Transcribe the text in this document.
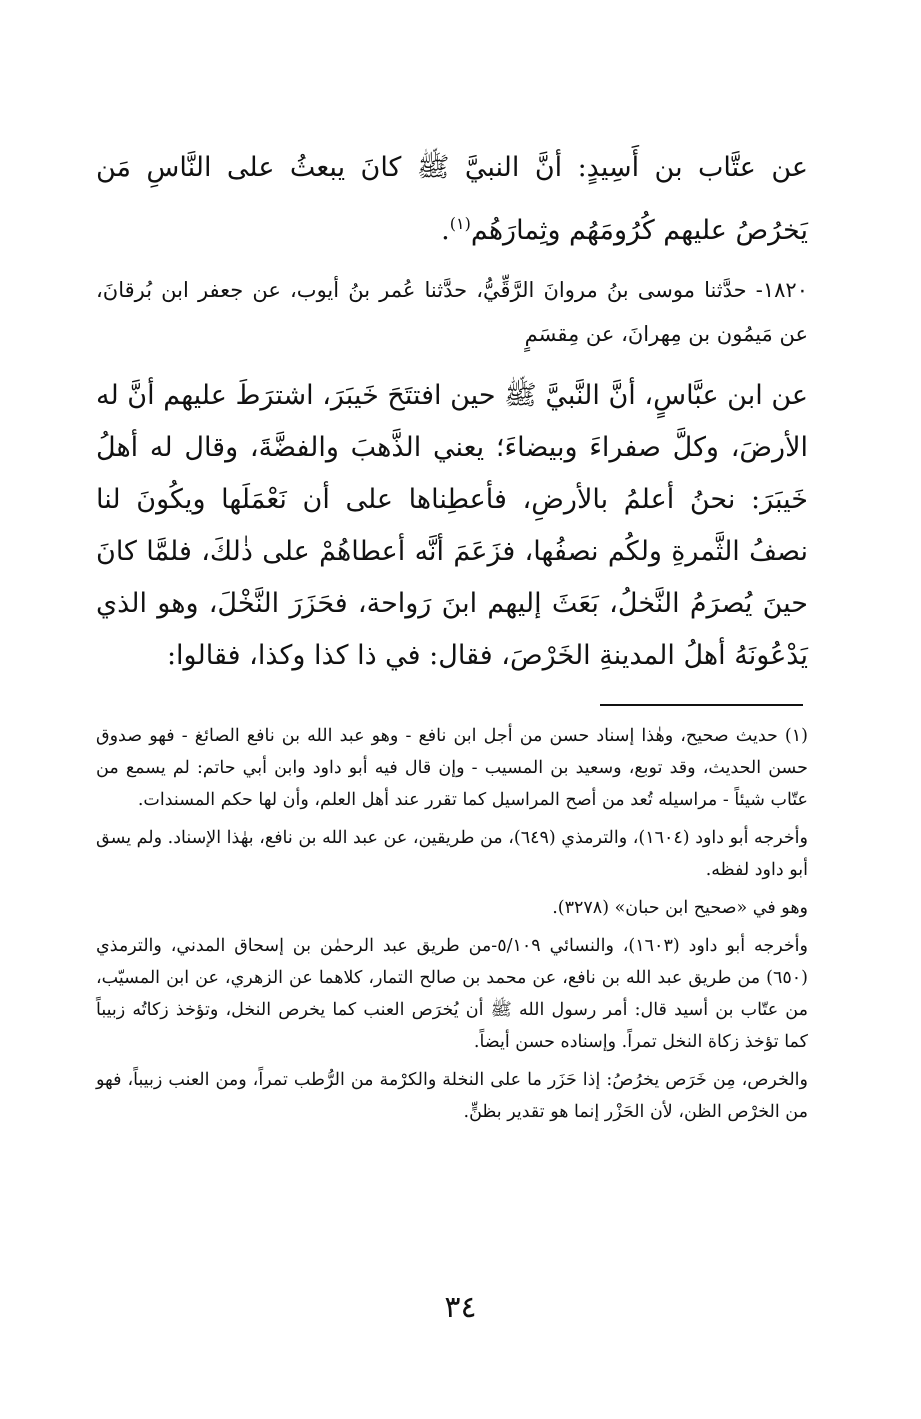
عن عتَّاب بن أَسِيدٍ: أنَّ النبيَّ ﷺ كانَ يبعثُ على النَّاسِ مَن يَخرُصُ عليهم كُرُومَهُم وثِمارَهُم$^{(١)}$.

١٨٢٠- حدَّثنا موسى بنُ مروانَ الرَّقِّيُّ، حدَّثنا عُمر بنُ أيوب، عن جعفر ابن بُرقانَ، عن مَيمُون بن مِهرانَ، عن مِقسَمٍ

عن ابن عبَّاسٍ، أنَّ النَّبيَّ ﷺ حين افتتَحَ خَيبَرَ، اشترَطَ عليهم أنَّ له الأرضَ، وكلَّ صفراءَ وبيضاءَ؛ يعني الذَّهبَ والفضَّةَ، وقال له أهلُ خَيبَرَ: نحنُ أعلمُ بالأرضِ، فأعطِناها على أن نَعْمَلَها ويكُونَ لنا نصفُ الثَّمرةِ ولكُم نصفُها، فزَعَمَ أنَّه أعطاهُمْ على ذٰلكَ، فلمَّا كانَ حينَ يُصرَمُ النَّخلُ، بَعَثَ إليهم ابنَ رَواحة، فحَزَرَ النَّخْلَ، وهو الذي يَدْعُونَهُ أهلُ المدينةِ الخَرْصَ، فقال: في ذا كذا وكذا، فقالوا:

(١) حديث صحيح، وهٰذا إسناد حسن من أجل ابن نافع - وهو عبد الله بن نافع الصائغ - فهو صدوق حسن الحديث، وقد توبع، وسعيد بن المسيب - وإن قال فيه أبو داود وابن أبي حاتم: لم يسمع من عتّاب شيئاً - مراسيله تُعد من أصح المراسيل كما تقرر عند أهل العلم، وأن لها حكم المسندات.

وأخرجه أبو داود (١٦٠٤)، والترمذي (٦٤٩)، من طريقين، عن عبد الله بن نافع، بهٰذا الإسناد. ولم يسق أبو داود لفظه.

وهو في «صحيح ابن حبان» (٣٢٧٨).

وأخرجه أبو داود (١٦٠٣)، والنسائي ٥/١٠٩-من طريق عبد الرحمٰن بن إسحاق المدني، والترمذي (٦٥٠) من طريق عبد الله بن نافع، عن محمد بن صالح التمار، كلاهما عن الزهري، عن ابن المسيّب، من عتّاب بن أسيد قال: أمر رسول الله ﷺ أن يُخرَص العنب كما يخرص النخل، وتؤخذ زكاتُه زبيباً كما تؤخذ زكاة النخل تمراً. وإسناده حسن أيضاً.

والخرص، مِن خَرَص يخرُصُ: إذا حَزَر ما على النخلة والكرْمة من الرُّطب تمراً، ومن العنب زبيباً، فهو من الخرْص الظن، لأن الحَزْر إنما هو تقدير بظنٍّ.

٣٤
